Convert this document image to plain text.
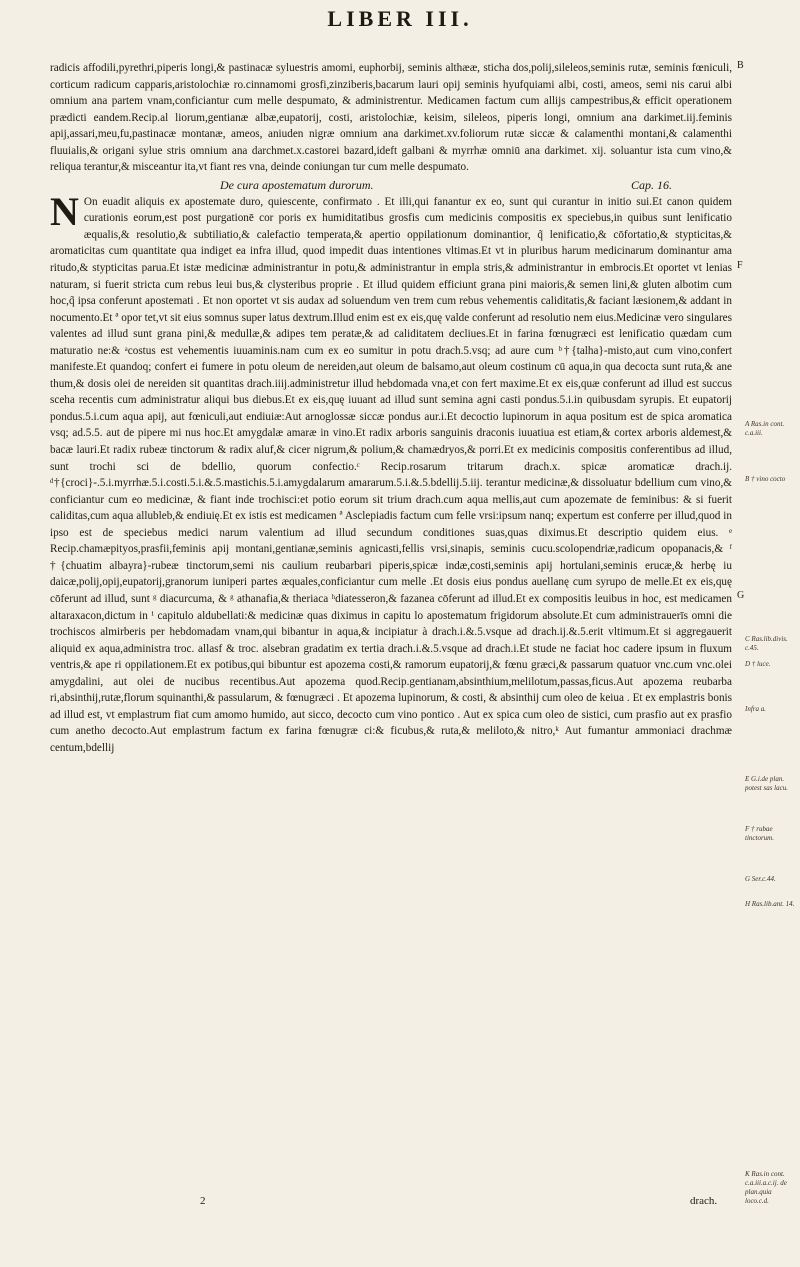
LIBER III.

radicis affodili,pyrethri,piperis longi,& pastinacæ syluestris amomi, euphorbij, seminis althææ, sticha dos,polij,sileleos,seminis rutæ, seminis fœniculi, corticum radicum capparis,aristolochiæ ro.cinnamomi grosfi,zinziberis,bacarum lauri opij seminis hyufquiami albi, costi, ameos, semi nis carui albi omnium ana partem vnam,conficiantur cum melle despumato, & administrentur. Medicamen factum cum allijs campestribus,& efficit operationem prædicti eandem.Recip.al liorum,gentianæ albæ,eupatorij, costi, aristolochiæ, keisim, sileleos, piperis longi, omnium ana darkimet.iij.feminis apij,assari,meu,fu,pastinacæ montanæ, ameos, aniuden nigræ omnium ana darkimet.xv.foliorum rutæ siccæ & calamenthi montani,& calamenthi fluuialis,& origani sylue stris omnium ana darchmet.x.castorei bazard,ideft galbani & myrrhæ omniū ana darkimet. xij. soluantur ista cum vino,& reliqua terantur,& misceantur ita,vt fiant res vna, deinde coniungan tur cum melle despumato.

De cura apostematum durorum.	Cap. 16.

N On euadit aliquis ex apostemate duro, quiescente, confirmato . Et illi,qui fanantur ex eo, sunt qui curantur in initio sui.Et canon quidem curationis eorum,est post purgationē cor poris ex humiditatibus grosfis cum medicinis compositis ex speciebus,in quibus sunt lenificatio æqualis,& resolutio,& subtiliatio,& calefactio temperata,& apertio oppilationum dominantior, q̃ lenificatio,& cōfortatio,& stypticitas,& aromaticitas cum quantitate qua indiget ea infra illud, quod impedit duas intentiones vltimas.Et vt in pluribus harum medicinarum dominantur ama ritudo,& stypticitas parua.Et istæ medicinæ administrantur in potu,& administrantur in empla stris,& administrantur in embrocis.Et oportet vt lenias naturam, si fuerit stricta cum rebus leui bus,& clysteribus proprie . Et illud quidem efficiunt grana pini maioris,& semen lini,& gluten albotim cum hoc,q̃ ipsa conferunt apostemati . Et non oportet vt sis audax ad soluendum ven trem cum rebus vehementis caliditatis,& faciant læsionem,& addant in nocumento.Et ª opor tet,vt sit eius somnus super latus dextrum.Illud enim est ex eis,quę valde conferunt ad resolutio nem eius.Medicinæ vero singulares valentes ad illud sunt grana pini,& medullæ,& adipes tem peratæ,& ad caliditatem decliues.Et in farina fœnugræci est lenificatio quædam cum maturatio ne:& ᵃcostus est vehementis iuuaminis.nam cum ex eo sumitur in potu drach.5.vsq; ad aure cum ᵇ†{talha}-misto,aut cum vino,confert manifeste.Et quandoq; confert ei fumere in potu oleum de nereiden,aut oleum de balsamo,aut oleum costinum cū aqua,in qua decocta sunt ruta,& ane thum,& dosis olei de nereiden sit quantitas drach.iiij.administretur illud hebdomada vna,et con fert maxime.Et ex eis,quæ conferunt ad illud est succus sceha recentis cum administratur aliqui bus diebus.Et ex eis,quę iuuant ad illud sunt semina agni casti pondus.5.i.in quibusdam syrupis. Et eupatorij pondus.5.i.cum aqua apij, aut fœniculi,aut endiuiæ:Aut arnoglossæ siccæ pondus aur.i.Et decoctio lupinorum in aqua positum est de spica aromatica vsq; ad.5.5. aut de pipere mi nus hoc.Et amygdalæ amaræ in vino.Et radix arboris sanguinis draconis iuuatiua est etiam,& cortex arboris aldemest,& bacæ lauri.Et radix rubeæ tinctorum & radix aluf,& cicer nigrum,& polium,& chamædryos,& porri.Et ex medicinis compositis conferentibus ad illud, sunt trochi sci de bdellio, quorum confectio.ᶜ Recip.rosarum tritarum drach.x. spicæ aromaticæ drach.ij. ᵈ†{croci}-.5.i.myrrhæ.5.i.costi.5.i.&.5.mastichis.5.i.amygdalarum amararum.5.i.&.5.bdellij.5.iij. terantur medicinæ,& dissoluatur bdellium cum vino,& conficiantur cum eo medicinæ, & fiant inde trochisci:et potio eorum sit trium drach.cum aqua mellis,aut cum apozemate de feminibus: & si fuerit caliditas,cum aqua allubleb,& endiuię.Et ex istis est medicamen ª Asclepiadis factum cum felle vrsi:ipsum nanq; expertum est conferre per illud,quod in ipso est de speciebus medici narum valentium ad illud secundum conditiones suas,quas diximus.Et descriptio quidem eius. ᵉ Recip.chamæpityos,prasfii,feminis apij montani,gentianæ,seminis agnicasti,fellis vrsi,sinapis, seminis cucu.scolopendriæ,radicum opopanacis,& ᶠ †{chuatim albayra}-rubeæ tinctorum,semi nis caulium reubarbari piperis,spicæ indæ,costi,seminis apij hortulani,seminis erucæ,& herbę iu daicæ,polij,opij,eupatorij,granorum iuniperi partes æquales,conficiantur cum melle .Et dosis eius pondus auellanę cum syrupo de melle.Et ex eis,quę cōferunt ad illud, sunt ᵍ diacurcuma, & ᵍ athanafia,& theriaca ʰdiatesseron,& fazanea cōferunt ad illud.Et ex compositis leuibus in hoc, est medicamen altaraxacon,dictum in ⁱ capitulo aldubellati:& medicinæ quas diximus in capitu lo apostematum frigidorum absolute.Et cum administrauerīs omni die trochiscos almirberis per hebdomadam vnam,qui bibantur in aqua,& incipiatur à drach.i.&.5.vsque ad drach.ij.&.5.erit vltimum.Et si aggregauerit aliquid ex aqua,administra troc. allasf & troc. alsebran gradatim ex tertia drach.i.&.5.vsque ad drach.i.Et stude ne faciat hoc cadere ipsum in fluxum ventris,& ape ri oppilationem.Et ex potibus,qui bibuntur est apozema costi,& ramorum eupatorij,& fœnu græci,& passarum quatuor vnc.cum vnc.olei amygdalini, aut olei de nucibus recentibus.Aut apozema quod.Recip.gentianam,absinthium,melilotum,passas,ficus.Aut apozema reubarba ri,absinthij,rutæ,florum squinanthi,& passularum, & fœnugræci . Et apozema lupinorum, & costi, & absinthij cum oleo de keiua . Et ex emplastris bonis ad illud est, vt emplastrum fiat cum amomo humido, aut sicco, decocto cum vino pontico . Aut ex spica cum oleo de sistici, cum prasfio aut ex prasfio cum anetho decocto.Aut emplastrum factum ex farina fœnugræ ci:& ficubus,& ruta,& meliloto,& nitro,ᵏ Aut fumantur ammoniaci drachmæ centum,bdellij

B
F
G
A Ras.in cont. c.a.iii.
B † vino cocto
C Ras.lib.divis. c.45.
D † luce.
Infra a.
E G.i.de plan. potest sas lacu.
F † rubae tinctorum.
G Ser.c.44.
H Ras.lib.ant. 14.
K Ras.in cont. c.a.iii.a.c.ij. de plan.quia loco.c.d.
2	drach.
